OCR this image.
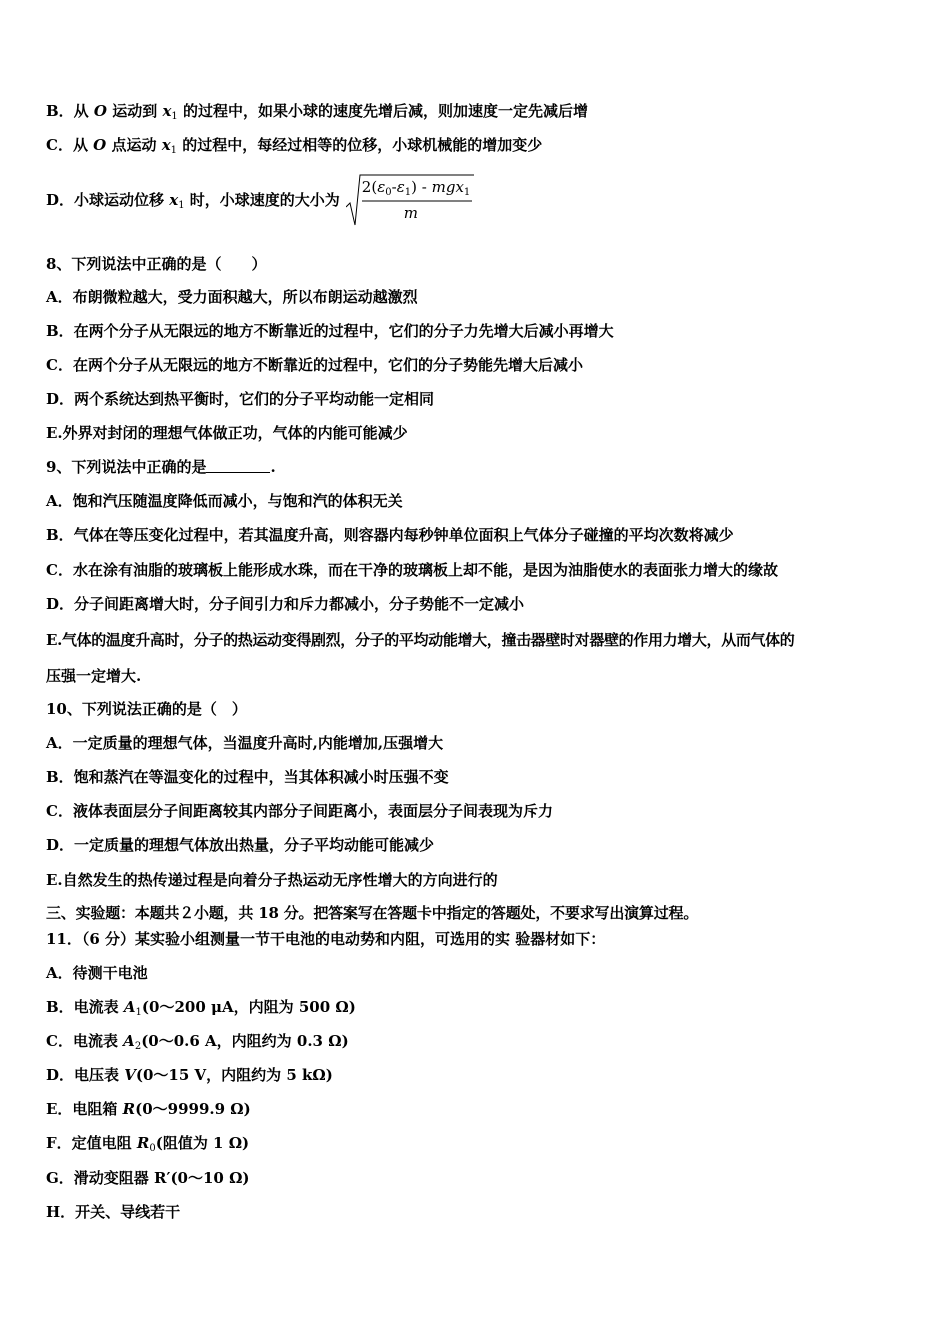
B．从 O 运动到 $x_1$ 的过程中，如果小球的速度先增后减，则加速度一定先减后增
C．从 O 点运动 $x_1$ 的过程中，每经过相等的位移，小球机械能的增加变少
D．小球运动位移 $x_1$ 时，小球速度的大小为
$2(\varepsilon_0-\varepsilon_1) - mgx_1$
m
8、下列说法中正确的是（　　）
A．布朗微粒越大，受力面积越大，所以布朗运动越激烈
B．在两个分子从无限远的地方不断靠近的过程中，它们的分子力先增大后减小再增大
C．在两个分子从无限远的地方不断靠近的过程中，它们的分子势能先增大后减小
D．两个系统达到热平衡时，它们的分子平均动能一定相同
E.外界对封闭的理想气体做正功，气体的内能可能减少
9、下列说法中正确的是	.
A．饱和汽压随温度降低而减小，与饱和汽的体积无关
B．气体在等压变化过程中，若其温度升高，则容器内每秒钟单位面积上气体分子碰撞的平均次数将减少
C．水在涂有油脂的玻璃板上能形成水珠，而在干净的玻璃板上却不能，是因为油脂使水的表面张力增大的缘故
D．分子间距离增大时，分子间引力和斥力都减小，分子势能不一定减小
E.气体的温度升高时，分子的热运动变得剧烈，分子的平均动能增大，撞击器壁时对器壁的作用力增大，从而气体的
压强一定增大.
10、下列说法正确的是（　）
A．一定质量的理想气体，当温度升高时,内能增加,压强增大
B．饱和蒸汽在等温变化的过程中，当其体积减小时压强不变
C．液体表面层分子间距离较其内部分子间距离小，表面层分子间表现为斥力
D．一定质量的理想气体放出热量，分子平均动能可能减少
E.自然发生的热传递过程是向着分子热运动无序性增大的方向进行的
三、实验题：本题共２小题，共 18 分。把答案写在答题卡中指定的答题处，不要求写出演算过程。
11．（6 分）某实验小组测量一节干电池的电动势和内阻，可选用的实 验器材如下：
A．待测干电池
B．电流表 $A_1(0\sim 200$ μA，内阻为 500 Ω)
C．电流表 $A_2(0\sim 0.6$ A，内阻约为 0.3 Ω)
D．电压表 V(0～15 V，内阻约为 5 kΩ)
E．电阻箱 R(0～9999.9 Ω)
F．定值电阻 $R_0$(阻值为 1 Ω)
G．滑动变阻器 R′(0～10 Ω)
H．开关、导线若干
